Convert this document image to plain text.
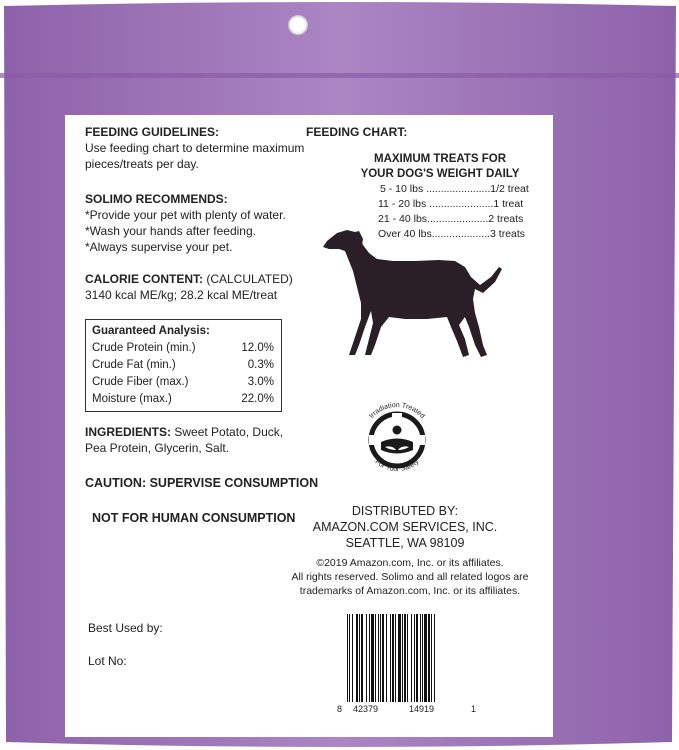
FEEDING GUIDELINES:
Use feeding chart to determine maximum
pieces/treats per day.
SOLIMO RECOMMENDS:
*Provide your pet with plenty of water.
*Wash your hands after feeding.
*Always supervise your pet.
CALORIE CONTENT: (CALCULATED)
3140 kcal ME/kg; 28.2 kcal ME/treat
Guaranteed Analysis:
Crude Protein (min.)	12.0%
Crude Fat (min.)	0.3%
Crude Fiber (max.)	3.0%
Moisture (max.)	22.0%
INGREDIENTS: Sweet Potato, Duck,
Pea Protein, Glycerin, Salt.
CAUTION: SUPERVISE CONSUMPTION
NOT FOR HUMAN CONSUMPTION
Best Used by:
Lot No:
FEEDING CHART:
MAXIMUM TREATS FOR
YOUR DOG'S WEIGHT DAILY
5 - 10 lbs ......................1/2 treat
11 - 20 lbs ......................1 treat
21 - 40 lbs.....................2 treats
Over 40 lbs....................3 treats
Irradiation Treated
For Your Safety
DISTRIBUTED BY:
AMAZON.COM SERVICES, INC.
SEATTLE, WA 98109
©2019 Amazon.com, Inc. or its affiliates.
All rights reserved. Solimo and all related logos are
trademarks of Amazon.com, Inc. or its affiliates.
8 42379	14919	1
